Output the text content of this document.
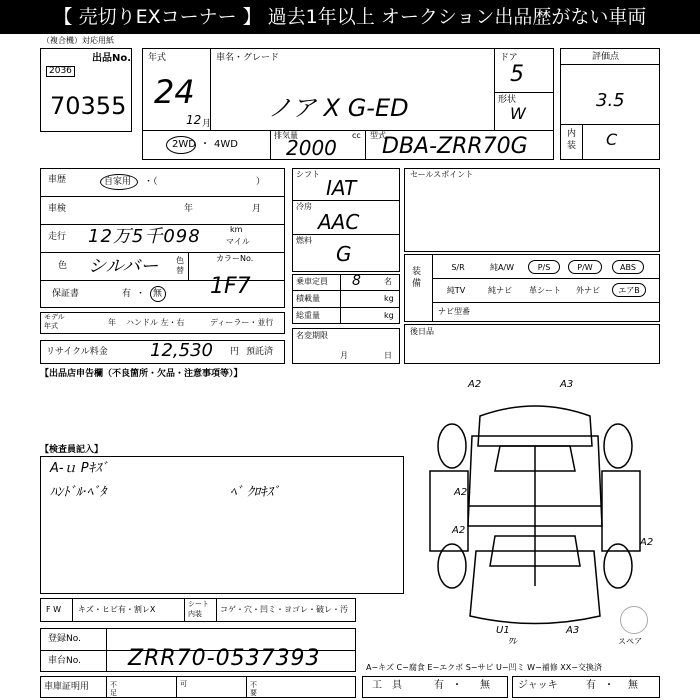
【 売切りEXコーナー 】 過去1年以上 オークション出品歴がない車両
（複合機）対応用紙
出品No.
2036
70355
年式
24
12 月
車名・グレード
ノア X G-ED
ドア
5
形状
W
2WD ・ 4WD
排気量	cc
2000
型式
DBA-ZRR70G
評価点
3.5
内装 C
車歴	自家用 ・（	）
車検	年	月
走行 12万5千098	km
マイル
色 シルバー 色替
カラーNo.
1F7
保証書	有 ・ 無
モデル
年式	年 ハンドル 左・右	ディーラー・並行
リサイクル料金 12,530 円 預託済
シフト
IAT
冷房
AAC
燃料
G
乗車定員 8	名
積載量	kg
総重量	kg
名変期限
月	日
セールスポイント
装備
S/R	純A/W	P/S	P/W	ABS
純TV	純ナビ	革シート	外ナビ	エアB
ナビ型番
後日品
【出品店申告欄（不良箇所・欠品・注意事項等）】
【検査員記入】
A-ｕ Pｷｽﾞ
ﾊﾝﾄﾞﾙ·ﾍﾞﾀ	ﾍﾞ ｸﾛｷｽﾞ
A2	A3
A2
A2
A2
U1	A3
ﾜﾚ	スペア
F W キズ・ヒビ有・割レX
シート
内装 コゲ・穴・凹ミ・ヨゴレ・破レ・汚
登録No.
車台No. ZRR70-0537393	A−キズ C−腐食 E−エクボ S−サビ U−凹ミ W−補修 XX−交換済
車庫証明用	不足
可	不要
工　具	有 ・ 無	ジャッキ	有 ・ 無
